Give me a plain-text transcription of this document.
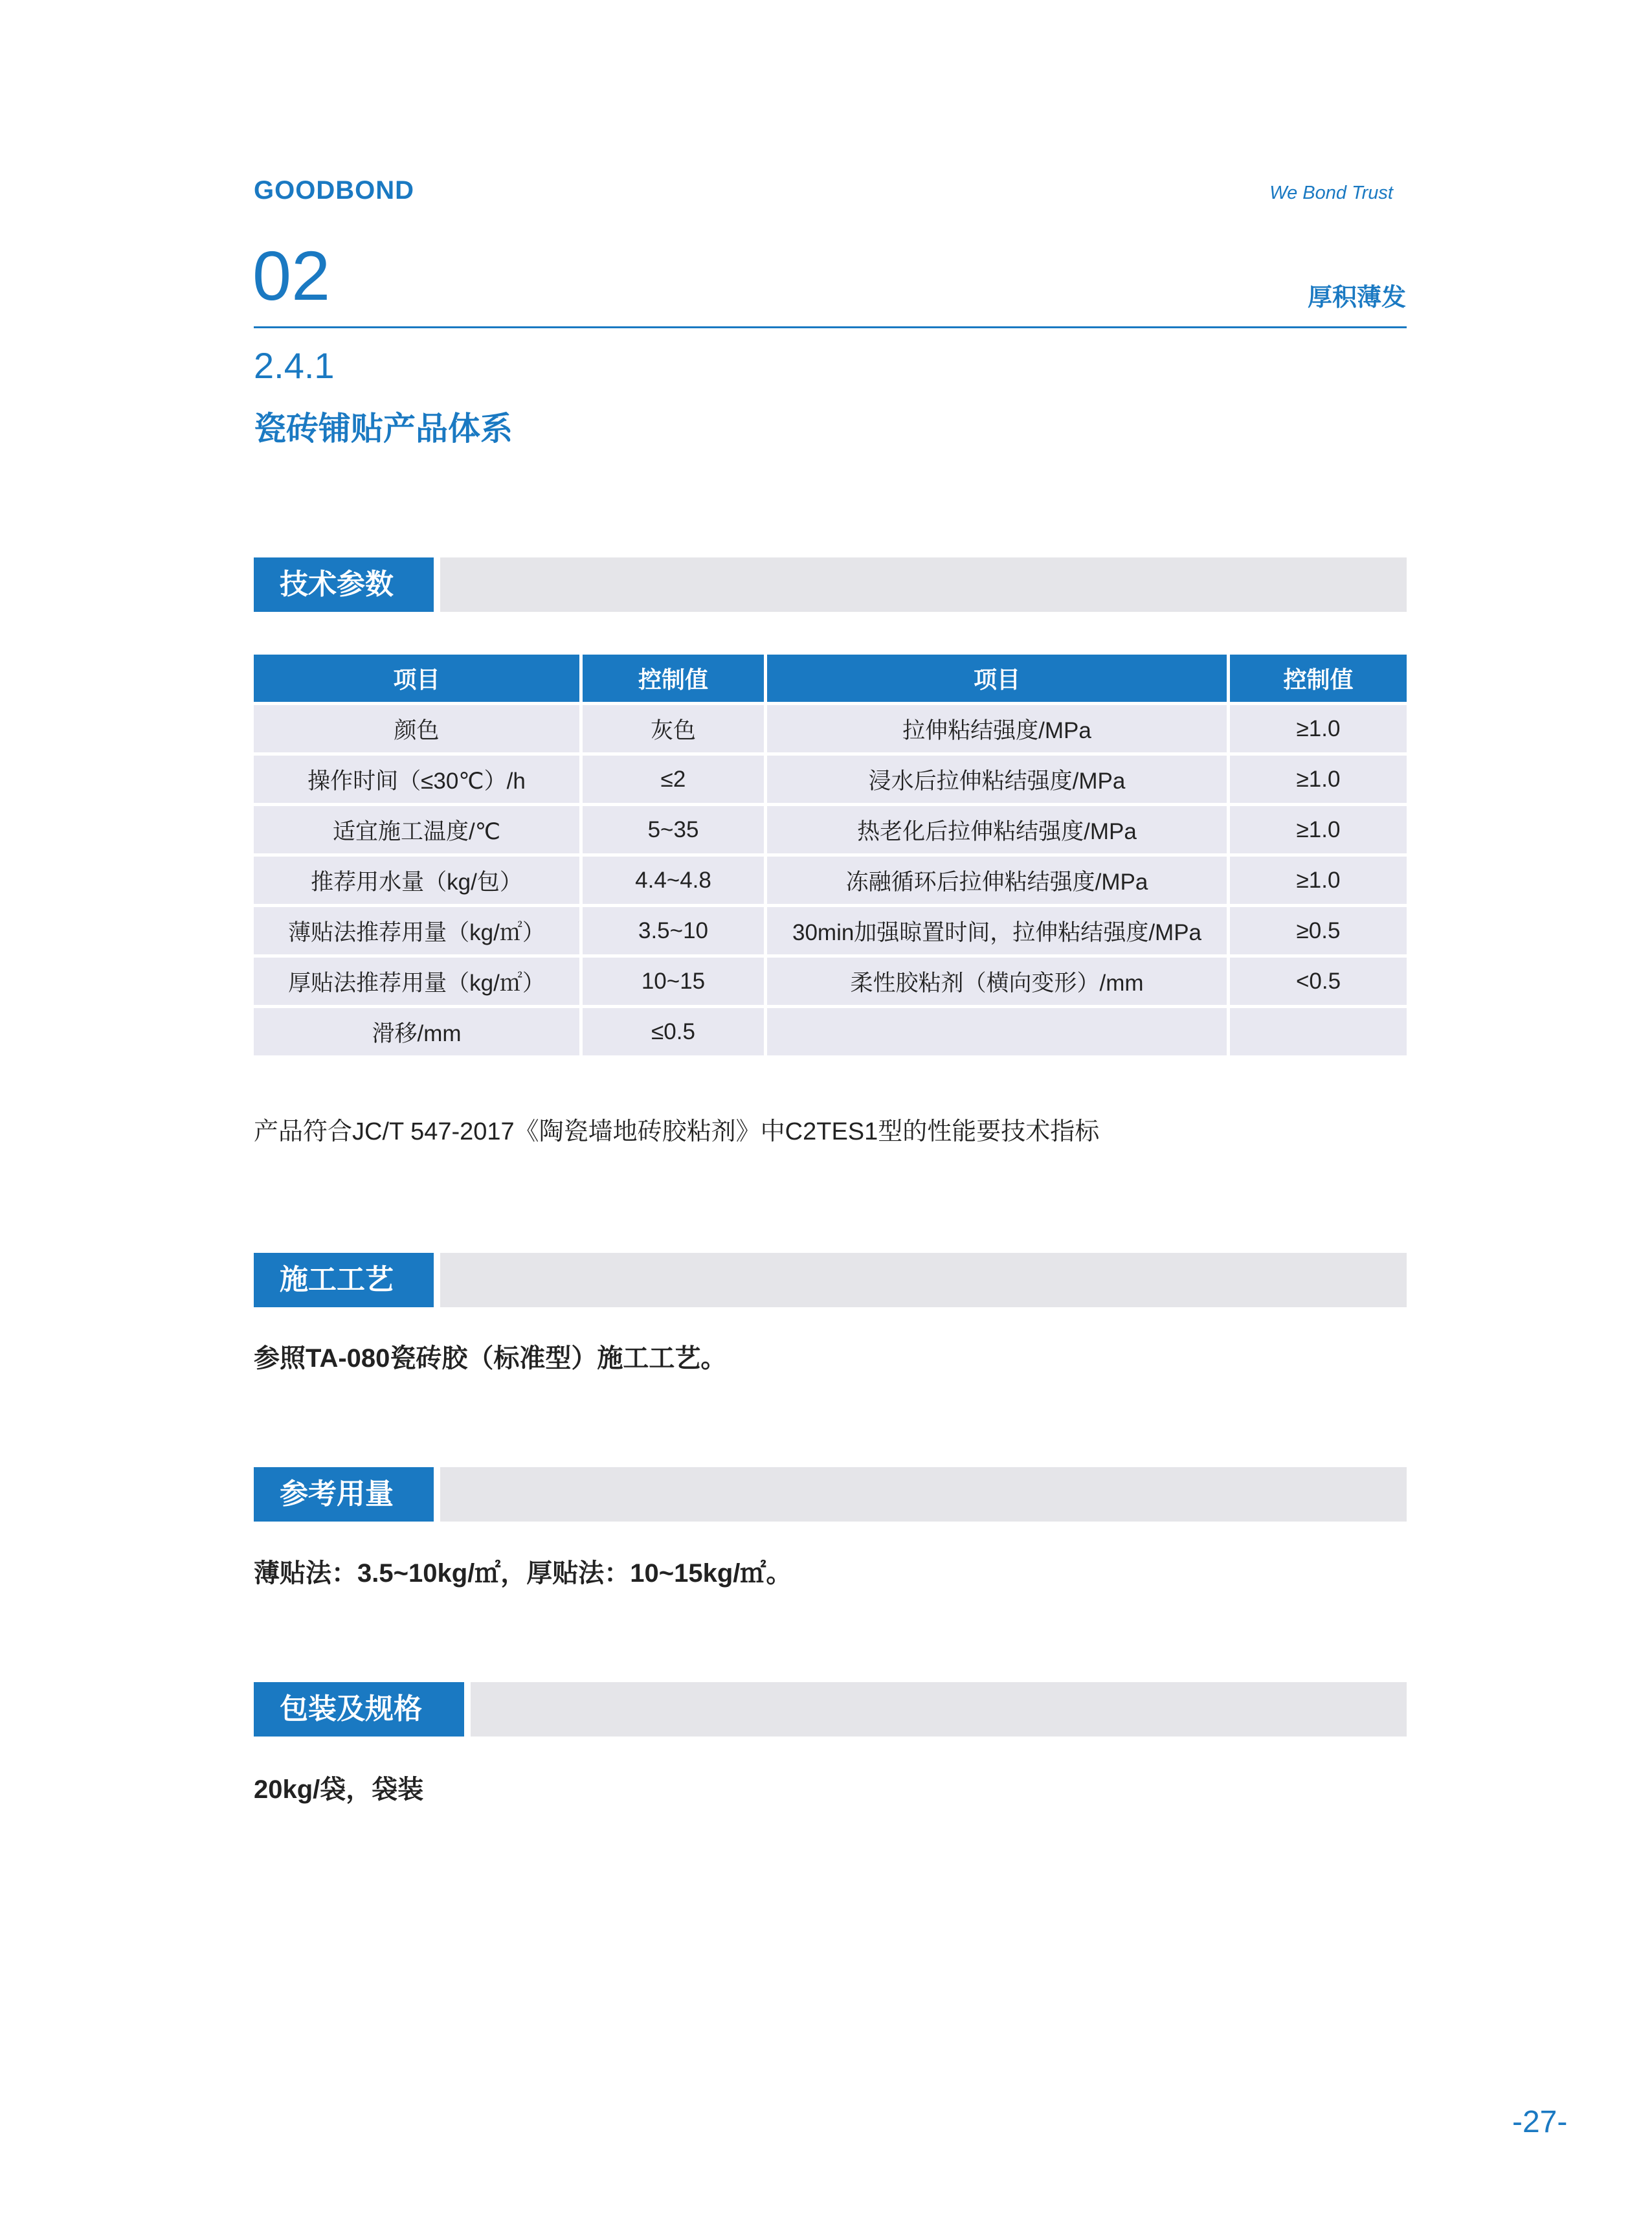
GOODBOND	We Bond Trust
02	厚积薄发
2.4.1
瓷砖铺贴产品体系
技术参数
项目	控制值	项目	控制值
颜色	灰色	拉伸粘结强度/MPa	≥1.0
操作时间（≤30℃）/h	≤2	浸水后拉伸粘结强度/MPa	≥1.0
适宜施工温度/℃	5~35	热老化后拉伸粘结强度/MPa	≥1.0
推荐用水量（kg/包）	4.4~4.8	冻融循环后拉伸粘结强度/MPa	≥1.0
薄贴法推荐用量（kg/㎡）	3.5~10	30min加强晾置时间，拉伸粘结强度/MPa	≥0.5
厚贴法推荐用量（kg/㎡）	10~15	柔性胶粘剂（横向变形）/mm	<0.5
滑移/mm	≤0.5		
产品符合JC/T 547-2017《陶瓷墙地砖胶粘剂》中C2TES1型的性能要技术指标
施工工艺
参照TA-080瓷砖胶（标准型）施工工艺。
参考用量
薄贴法：3.5~10kg/㎡，厚贴法：10~15kg/㎡。
包装及规格
20kg/袋，袋装
-27-
